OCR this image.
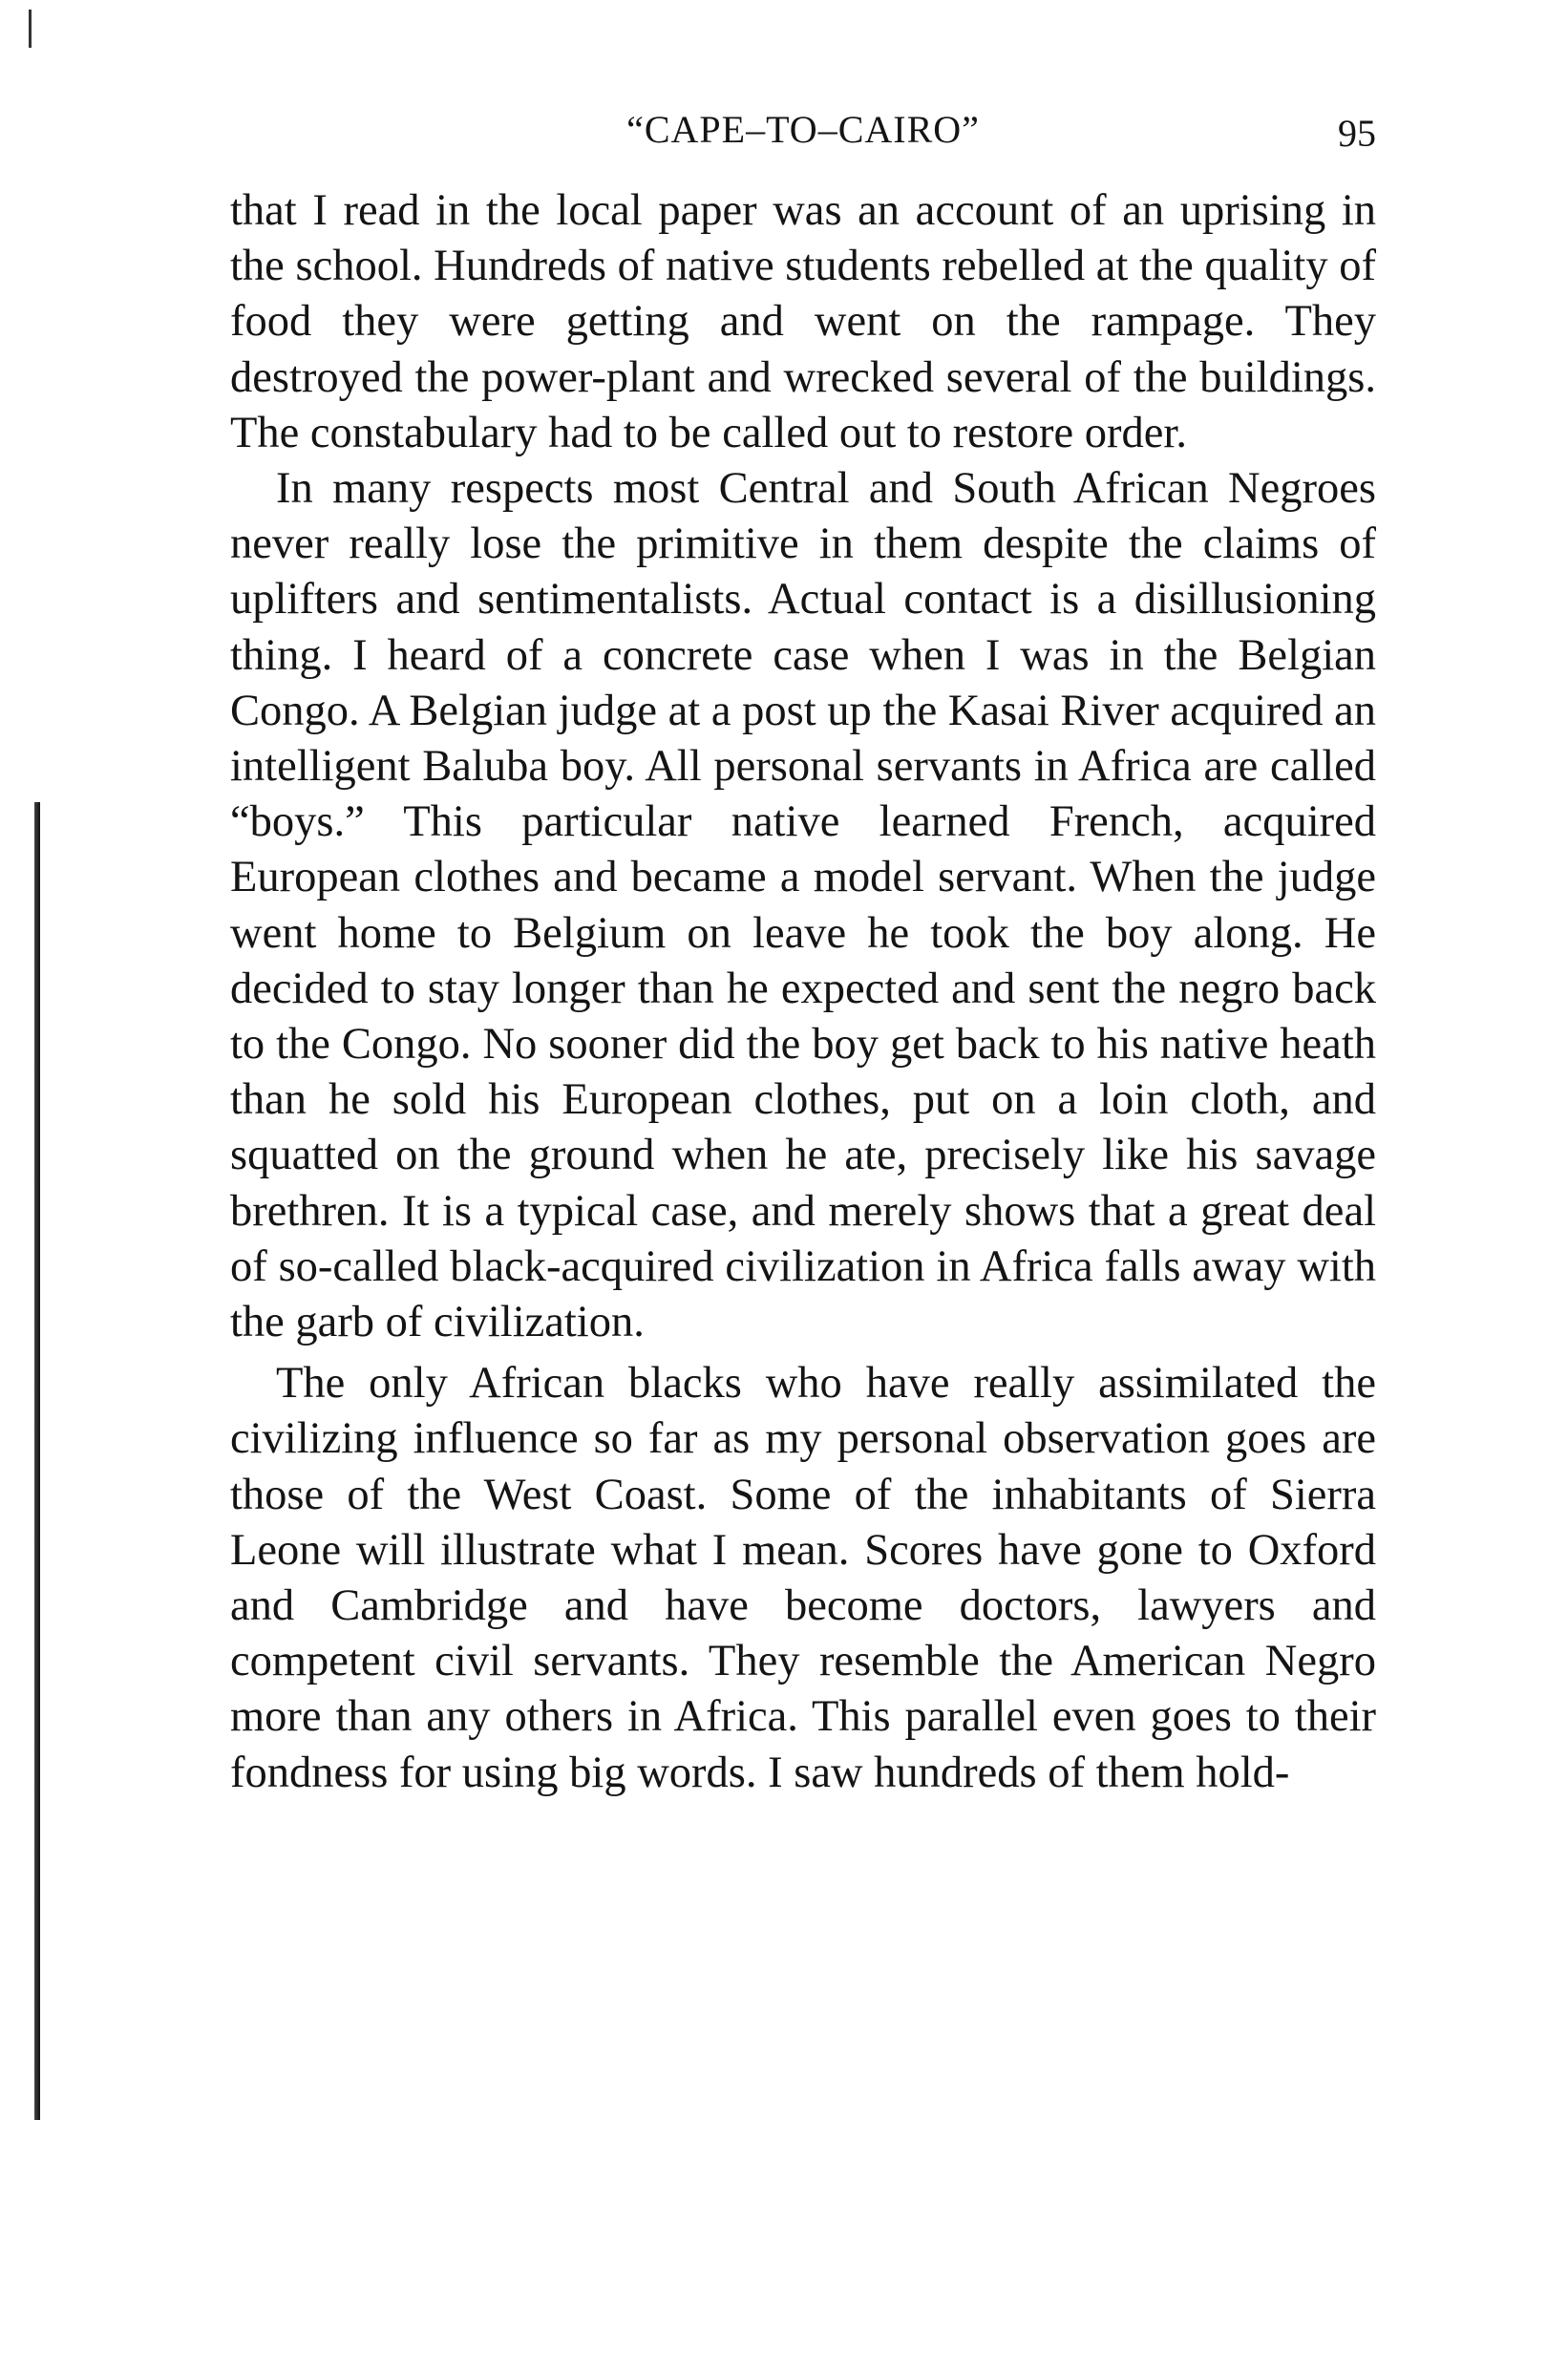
“CAPE–TO–CAIRO”	95

that I read in the local paper was an account of an uprising in the school. Hundreds of native students rebelled at the quality of food they were getting and went on the rampage. They destroyed the power-plant and wrecked several of the buildings. The constabulary had to be called out to restore order.

In many respects most Central and South African Negroes never really lose the primitive in them despite the claims of uplifters and sentimentalists. Actual contact is a disillusioning thing. I heard of a concrete case when I was in the Belgian Congo. A Belgian judge at a post up the Kasai River acquired an intelligent Baluba boy. All personal servants in Africa are called “boys.” This particular native learned French, acquired European clothes and became a model servant. When the judge went home to Belgium on leave he took the boy along. He decided to stay longer than he expected and sent the negro back to the Congo. No sooner did the boy get back to his native heath than he sold his European clothes, put on a loin cloth, and squatted on the ground when he ate, precisely like his savage brethren. It is a typical case, and merely shows that a great deal of so-called black-acquired civilization in Africa falls away with the garb of civilization.

The only African blacks who have really assimilated the civilizing influence so far as my personal observation goes are those of the West Coast. Some of the inhabitants of Sierra Leone will illustrate what I mean. Scores have gone to Oxford and Cambridge and have become doctors, lawyers and competent civil servants. They resemble the American Negro more than any others in Africa. This parallel even goes to their fondness for using big words. I saw hundreds of them hold-
